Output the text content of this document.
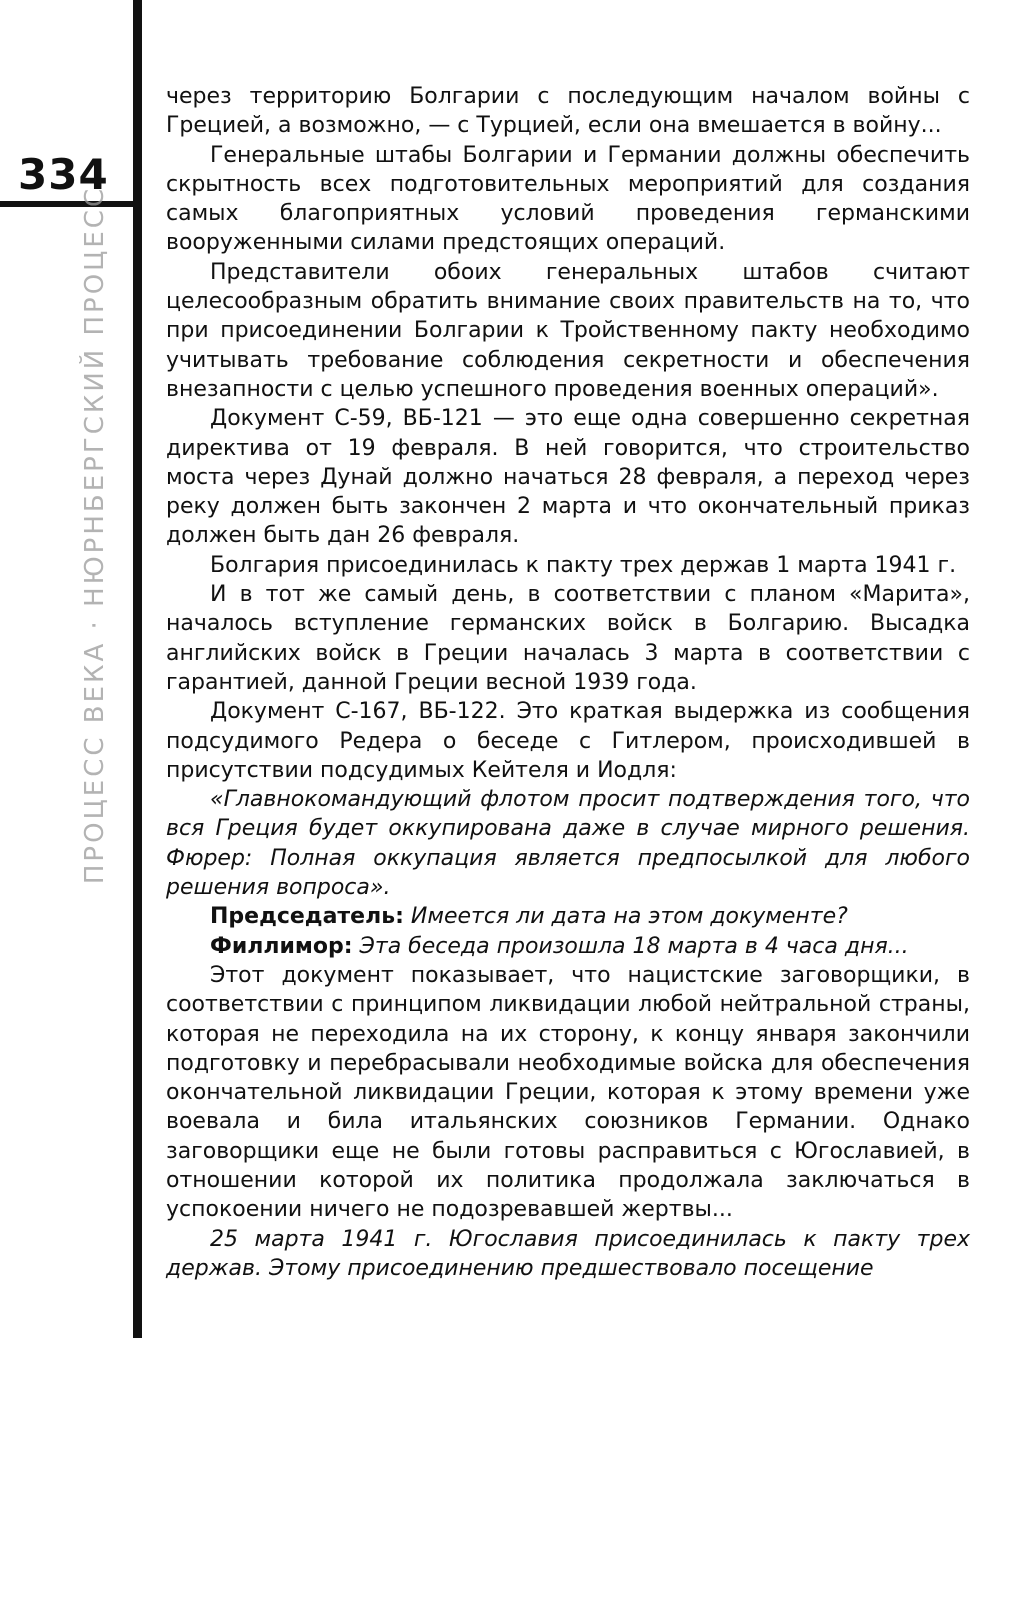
334
ПРОЦЕСС ВЕКА · НЮРНБЕРГСКИЙ ПРОЦЕСС

через территорию Болгарии с последующим началом войны с Грецией, а возможно, — с Турцией, если она вмешается в войну...

Генеральные штабы Болгарии и Германии должны обеспечить скрытность всех подготовительных мероприятий для создания самых благоприятных условий проведения германскими вооруженными силами предстоящих операций.

Представители обоих генеральных штабов считают целесообразным обратить внимание своих правительств на то, что при присоединении Болгарии к Тройственному пакту необходимо учитывать требование соблюдения секретности и обеспечения внезапности с целью успешного проведения военных операций».

Документ С-59, ВБ-121 — это еще одна совершенно секретная директива от 19 февраля. В ней говорится, что строительство моста через Дунай должно начаться 28 февраля, а переход через реку должен быть закончен 2 марта и что окончательный приказ должен быть дан 26 февраля.

Болгария присоединилась к пакту трех держав 1 марта 1941 г.

И в тот же самый день, в соответствии с планом «Марита», началось вступление германских войск в Болгарию. Высадка английских войск в Греции началась 3 марта в соответствии с гарантией, данной Греции весной 1939 года.

Документ С-167, ВБ-122. Это краткая выдержка из сообщения подсудимого Редера о беседе с Гитлером, происходившей в присутствии подсудимых Кейтеля и Иодля:

«Главнокомандующий флотом просит подтверждения того, что вся Греция будет оккупирована даже в случае мирного решения. Фюрер: Полная оккупация является предпосылкой для любого решения вопроса».

Председатель: Имеется ли дата на этом документе?

Филлимор: Эта беседа произошла 18 марта в 4 часа дня...

Этот документ показывает, что нацистские заговорщики, в соответствии с принципом ликвидации любой нейтральной страны, которая не переходила на их сторону, к концу января закончили подготовку и перебрасывали необходимые войска для обеспечения окончательной ликвидации Греции, которая к этому времени уже воевала и била итальянских союзников Германии. Однако заговорщики еще не были готовы расправиться с Югославией, в отношении которой их политика продолжала заключаться в успокоении ничего не подозревавшей жертвы...

25 марта 1941 г. Югославия присоединилась к пакту трех держав. Этому присоединению предшествовало посещение
